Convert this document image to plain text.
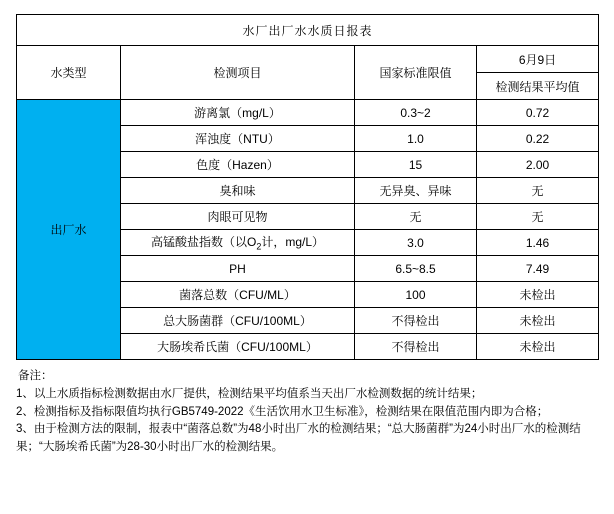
水厂出厂水水质日报表			
水类型	检测项目	国家标准限值	6月9日
			检测结果平均值
出厂水	游离氯（mg/L）	0.3~2	0.72
	浑浊度（NTU）	1.0	0.22
	色度（Hazen）	15	2.00
	臭和味	无异臭、异味	无
	肉眼可见物	无	无
	高锰酸盐指数（以$O_2$计，mg/L）	3.0	1.46
	PH	6.5~8.5	7.49
	菌落总数（CFU/ML）	100	未检出
	总大肠菌群（CFU/100ML）	不得检出	未检出
	大肠埃希氏菌（CFU/100ML）	不得检出	未检出
备注：
1、以上水质指标检测数据由水厂提供，检测结果平均值系当天出厂水检测数据的统计结果；
2、检测指标及指标限值均执行GB5749-2022《生活饮用水卫生标准》，检测结果在限值范围内即为合格；
3、由于检测方法的限制，报表中“菌落总数”为48小时出厂水的检测结果；“总大肠菌群”为24小时出厂水的检测结果；“大肠埃希氏菌”为28-30小时出厂水的检测结果。
